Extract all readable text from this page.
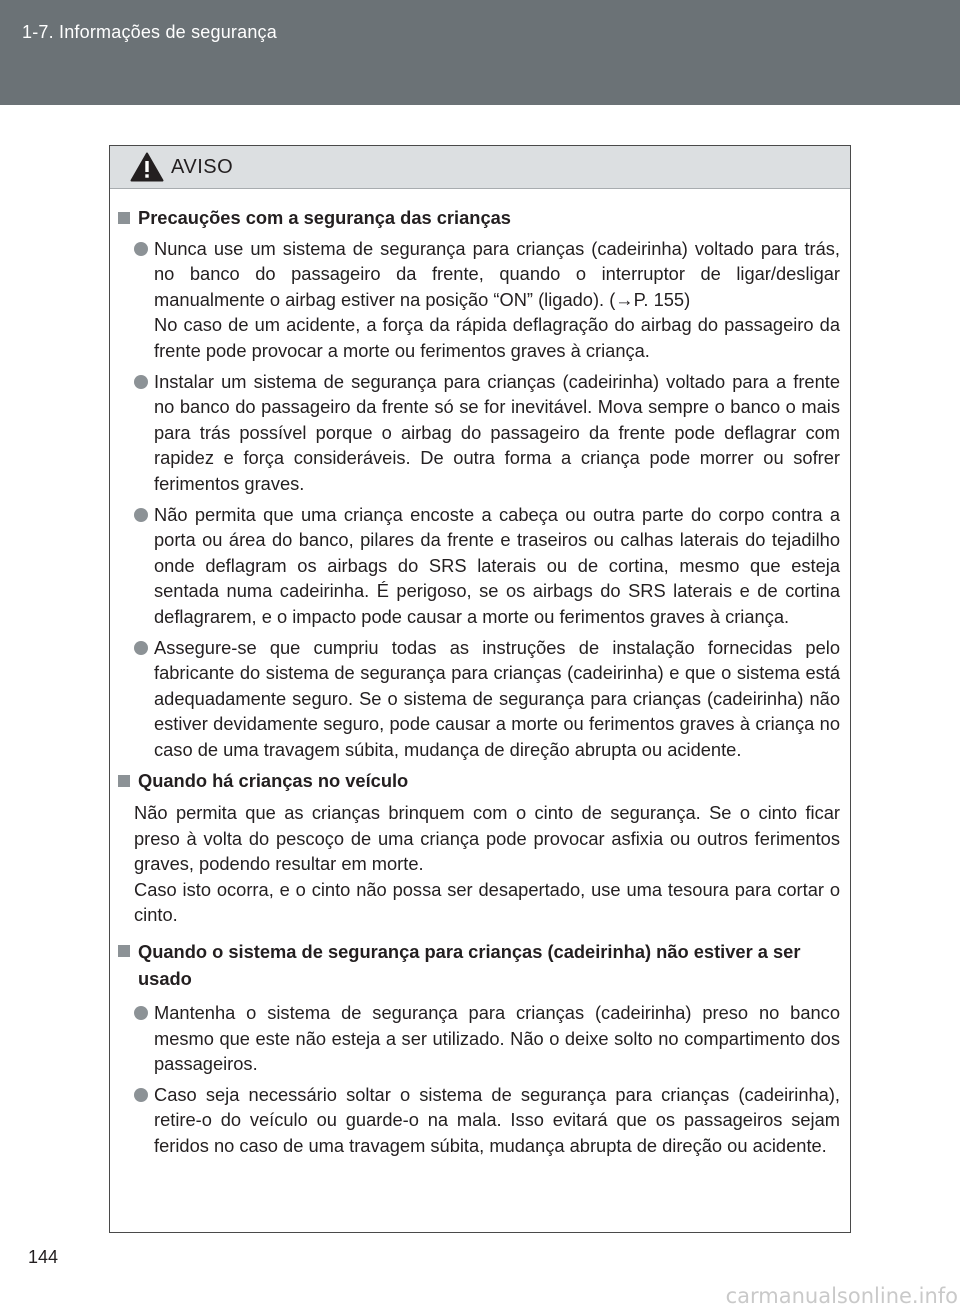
1-7. Informações de segurança
AVISO
Precauções com a segurança das crianças

Nunca use um sistema de segurança para crianças (cadeirinha) voltado para trás, no banco do passageiro da frente, quando o interruptor de ligar/desligar manualmente o airbag estiver na posição “ON” (ligado). (→P. 155)

No caso de um acidente, a força da rápida deflagração do airbag do passageiro da frente pode provocar a morte ou ferimentos graves à criança.

Instalar um sistema de segurança para crianças (cadeirinha) voltado para a frente no banco do passageiro da frente só se for inevitável. Mova sempre o banco o mais para trás possível porque o airbag do passageiro da frente pode deflagrar com rapidez e força consideráveis. De outra forma a criança pode morrer ou sofrer ferimentos graves.

Não permita que uma criança encoste a cabeça ou outra parte do corpo contra a porta ou área do banco, pilares da frente e traseiros ou calhas laterais do tejadilho onde deflagram os airbags do SRS laterais ou de cortina, mesmo que esteja sentada numa cadeirinha. É perigoso, se os airbags do SRS laterais e de cortina deflagrarem, e o impacto pode causar a morte ou ferimentos graves à criança.

Assegure-se que cumpriu todas as instruções de instalação fornecidas pelo fabricante do sistema de segurança para crianças (cadeirinha) e que o sistema está adequadamente seguro. Se o sistema de segurança para crianças (cadeirinha) não estiver devidamente seguro, pode causar a morte ou ferimentos graves à criança no caso de uma travagem súbita, mudança de direção abrupta ou acidente.

Quando há crianças no veículo

Não permita que as crianças brinquem com o cinto de segurança. Se o cinto ficar preso à volta do pescoço de uma criança pode provocar asfixia ou outros ferimentos graves, podendo resultar em morte.

Caso isto ocorra, e o cinto não possa ser desapertado, use uma tesoura para cortar o cinto.

Quando o sistema de segurança para crianças (cadeirinha) não estiver a ser usado

Mantenha o sistema de segurança para crianças (cadeirinha) preso no banco mesmo que este não esteja a ser utilizado. Não o deixe solto no compartimento dos passageiros.

Caso seja necessário soltar o sistema de segurança para crianças (cadeirinha), retire-o do veículo ou guarde-o na mala. Isso evitará que os passageiros sejam feridos no caso de uma travagem súbita, mudança abrupta de direção ou acidente.

144
carmanualsonline.info
